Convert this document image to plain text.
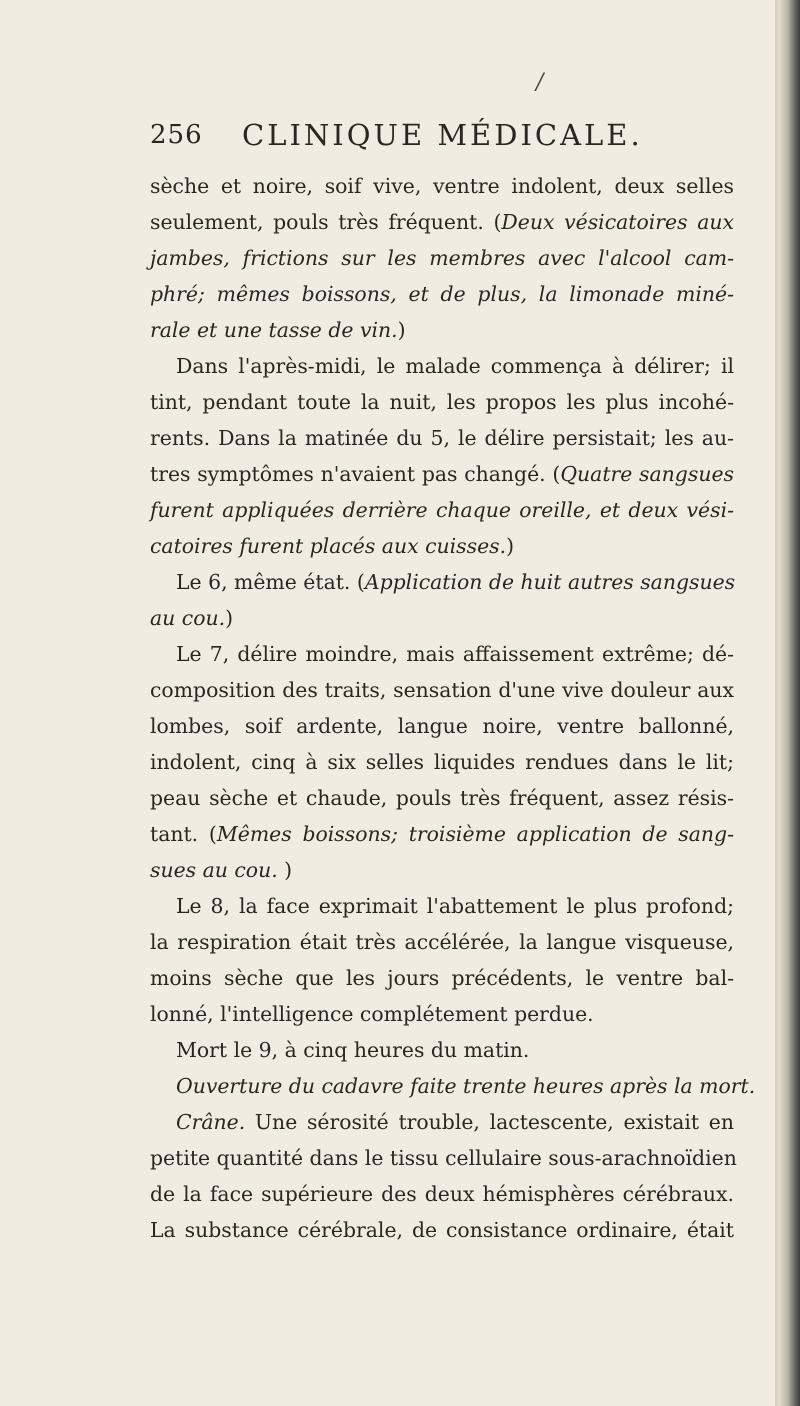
/
256 CLINIQUE MÉDICALE.
sèche et noire, soif vive, ventre indolent, deux selles
seulement, pouls très fréquent. (Deux vésicatoires aux
jambes, frictions sur les membres avec l'alcool cam-
phré; mêmes boissons, et de plus, la limonade miné-
rale et une tasse de vin.)
Dans l'après-midi, le malade commença à délirer; il
tint, pendant toute la nuit, les propos les plus incohé-
rents. Dans la matinée du 5, le délire persistait; les au-
tres symptômes n'avaient pas changé. (Quatre sangsues
furent appliquées derrière chaque oreille, et deux vési-
catoires furent placés aux cuisses.)
Le 6, même état. (Application de huit autres sangsues
au cou.)
Le 7, délire moindre, mais affaissement extrême; dé-
composition des traits, sensation d'une vive douleur aux
lombes, soif ardente, langue noire, ventre ballonné,
indolent, cinq à six selles liquides rendues dans le lit;
peau sèche et chaude, pouls très fréquent, assez résis-
tant. (Mêmes boissons; troisième application de sang-
sues au cou. )
Le 8, la face exprimait l'abattement le plus profond;
la respiration était très accélérée, la langue visqueuse,
moins sèche que les jours précédents, le ventre bal-
lonné, l'intelligence complétement perdue.
Mort le 9, à cinq heures du matin.
Ouverture du cadavre faite trente heures après la mort.
Crâne. Une sérosité trouble, lactescente, existait en
petite quantité dans le tissu cellulaire sous-arachnoïdien
de la face supérieure des deux hémisphères cérébraux.
La substance cérébrale, de consistance ordinaire, était
